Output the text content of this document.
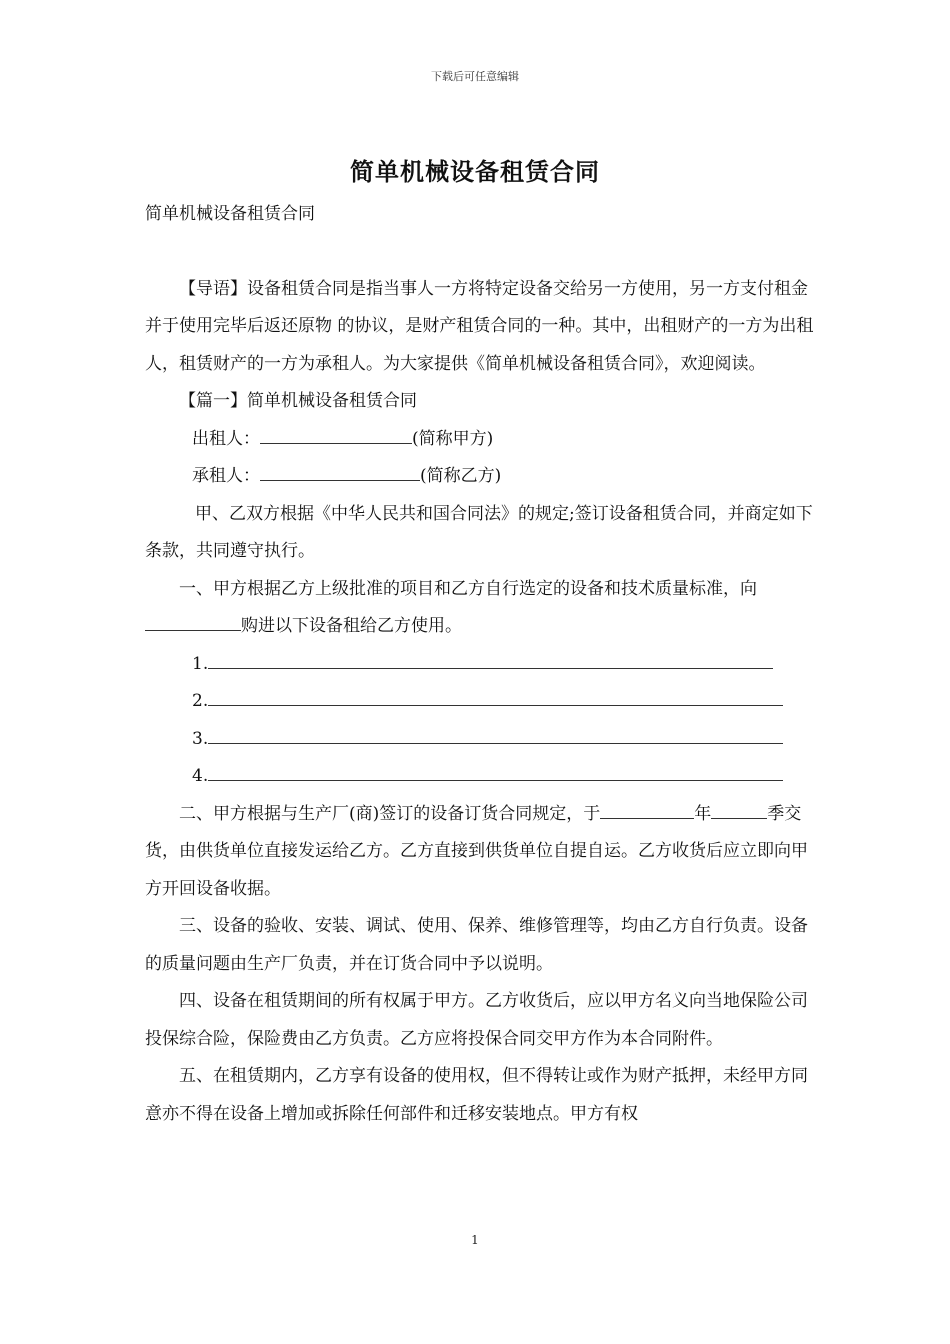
下载后可任意编辑
简单机械设备租赁合同

简单机械设备租赁合同

【导语】设备租赁合同是指当事人一方将特定设备交给另一方使用，另一方支付租金并于使用完毕后返还原物 的协议，是财产租赁合同的一种。其中，出租财产的一方为出租人，租赁财产的一方为承租人。为大家提供《简单机械设备租赁合同》，欢迎阅读。

【篇一】简单机械设备租赁合同

出租人：	(简称甲方)

承租人：	(简称乙方)

甲、乙双方根据《中华人民共和国合同法》的规定;签订设备租赁合同，并商定如下条款，共同遵守执行。

一、甲方根据乙方上级批准的项目和乙方自行选定的设备和技术质量标准，向购进以下设备租给乙方使用。

1.

2.

3.

4.

二、甲方根据与生产厂(商)签订的设备订货合同规定，于	年	季交货，由供货单位直接发运给乙方。乙方直接到供货单位自提自运。乙方收货后应立即向甲方开回设备收据。

三、设备的验收、安装、调试、使用、保养、维修管理等，均由乙方自行负责。设备的质量问题由生产厂负责，并在订货合同中予以说明。

四、设备在租赁期间的所有权属于甲方。乙方收货后，应以甲方名义向当地保险公司投保综合险，保险费由乙方负责。乙方应将投保合同交甲方作为本合同附件。

五、在租赁期内，乙方享有设备的使用权，但不得转让或作为财产抵押，未经甲方同意亦不得在设备上增加或拆除任何部件和迁移安装地点。甲方有权

1
